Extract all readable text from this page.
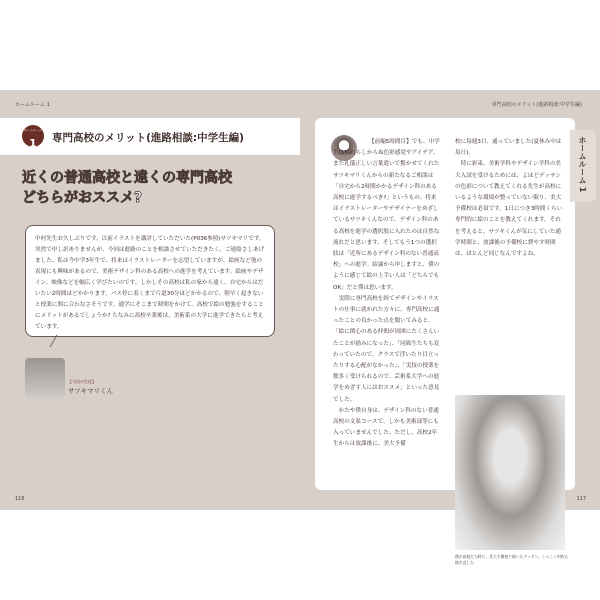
ホームルーム 1	専門高校のメリット(進路相談:中学生編)
ホームルーム
1	専門高校のメリット(進路相談:中学生編)
近くの普通高校と遠くの専門高校
どちらがおススメ?
中村先生お久しぶりです。以前イラストを講評していただいた(P036参照)サツキマリです。突然で申し訳ありませんが、今回は進路のことを相談させていただきたく、ご連絡さしあげました。私は今中学3年生で、将来はイラストレーターを志望していますが、絵画など他の表現にも興味があるので、美術デザイン科のある高校への進学を考えています。絵画やデザイン、映像などを幅広く学びたいのです。しかしその高校は私の家から遠く、自宅からはだいたい2時間ほどかかります。バス停に着くまで片道30分ほどかかるので、朝早く起きないと授業に間に合わなさそうです。通学にそこまで時間をかけて、高校で絵の勉強をすることにメリットがあるでしょうか? ちなみに高校卒業後は、美術系の大学に進学できたらと考えています。
【今回の生徒】
サツキマリくん
116
ホームルーム 1
【前編5時間目】でも、中学生(15歳)らしからぬ色彩感覚やアイデア、また礼儀正しい言葉遣いで驚かせてくれたサツキマリくんからの新たなるご相談は「自宅から2時間かかるデザイン科のある高校に進学するべき?」というもの。将来はイラストレーターやデザイナーをめざしているサツキくんなので、デザイン科のある高校を進学の選択肢に入れたのは自然な流れだと思います。そしてもう1つの選択肢は「近所にあるデザイン科のない普通高校」への進学。結論から申しますと、僕のように感じて絵の上手い人は「どちらでもOK」だと僕は思います。
　実際に専門高校を経てデザインやイラストの仕事に就かれた方々に、専門高校に通ったことの良かった点を聞いてみると、「絵に関心のある仲間が周囲にたくさんいたことが励みになった」、「同級生たちも変わっていたので、クラスで浮いたり目立ったりする心配がなかった」、「実技の授業を数多く受けられるので、芸術系大学への進学をめざす人にはおススメ」といった意見でした。
　かたや僕自身は、デザイン科のない普通高校の文系コースで、しかも美術部等にも入っていませんでした。ただし、高校2年生からは放課後に、美大予備
校に毎週3日、通っていました(夏休み中は毎日)。
　特に彩束、美術学科やデザイン学科の美大入試を受けるためには、よほどデッサンの色彩について教えてくれる先生が高校にいるような環境が整っていない限り、美大予備校は必須です。1日につき3時間くらい専門的に絵のことを教えてくれます。それを考えると、サツキくんが気にしていた通学時間と、放課後の予備校に費やす時間は、ほとんど同じなんですよね。
僕が高校生当時に、美大予備校で描いたデッサン。しつこく何枚も描き直した
117
